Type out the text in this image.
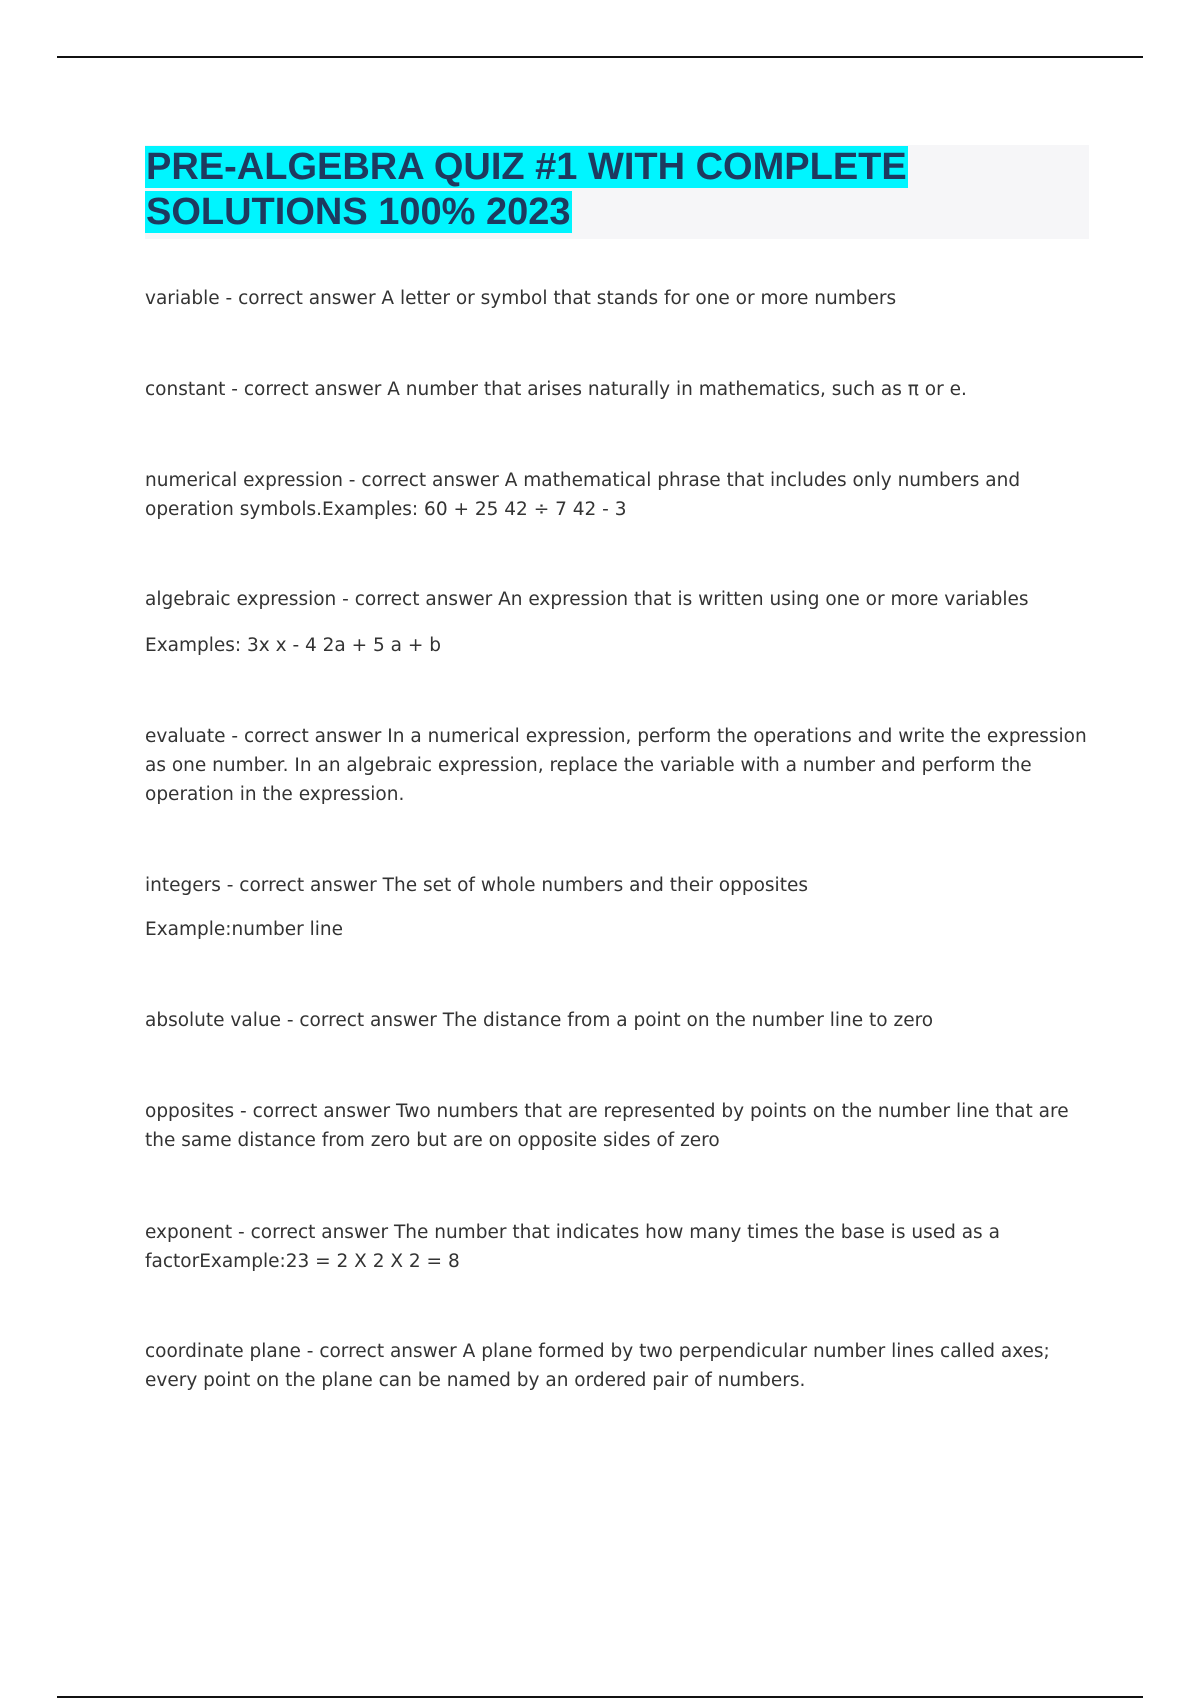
PRE-ALGEBRA QUIZ #1 WITH COMPLETE SOLUTIONS 100% 2023

variable - correct answer A letter or symbol that stands for one or more numbers

constant - correct answer A number that arises naturally in mathematics, such as π or e.

numerical expression - correct answer A mathematical phrase that includes only numbers and operation symbols.Examples: 60 + 25 42 ÷ 7 42 - 3

algebraic expression - correct answer An expression that is written using one or more variables

Examples: 3x x - 4 2a + 5 a + b

evaluate - correct answer In a numerical expression, perform the operations and write the expression as one number. In an algebraic expression, replace the variable with a number and perform the operation in the expression.

integers - correct answer The set of whole numbers and their opposites

Example:number line

absolute value - correct answer The distance from a point on the number line to zero

opposites - correct answer Two numbers that are represented by points on the number line that are the same distance from zero but are on opposite sides of zero

exponent - correct answer The number that indicates how many times the base is used as a factorExample:23 = 2 X 2 X 2 = 8

coordinate plane - correct answer A plane formed by two perpendicular number lines called axes; every point on the plane can be named by an ordered pair of numbers.
